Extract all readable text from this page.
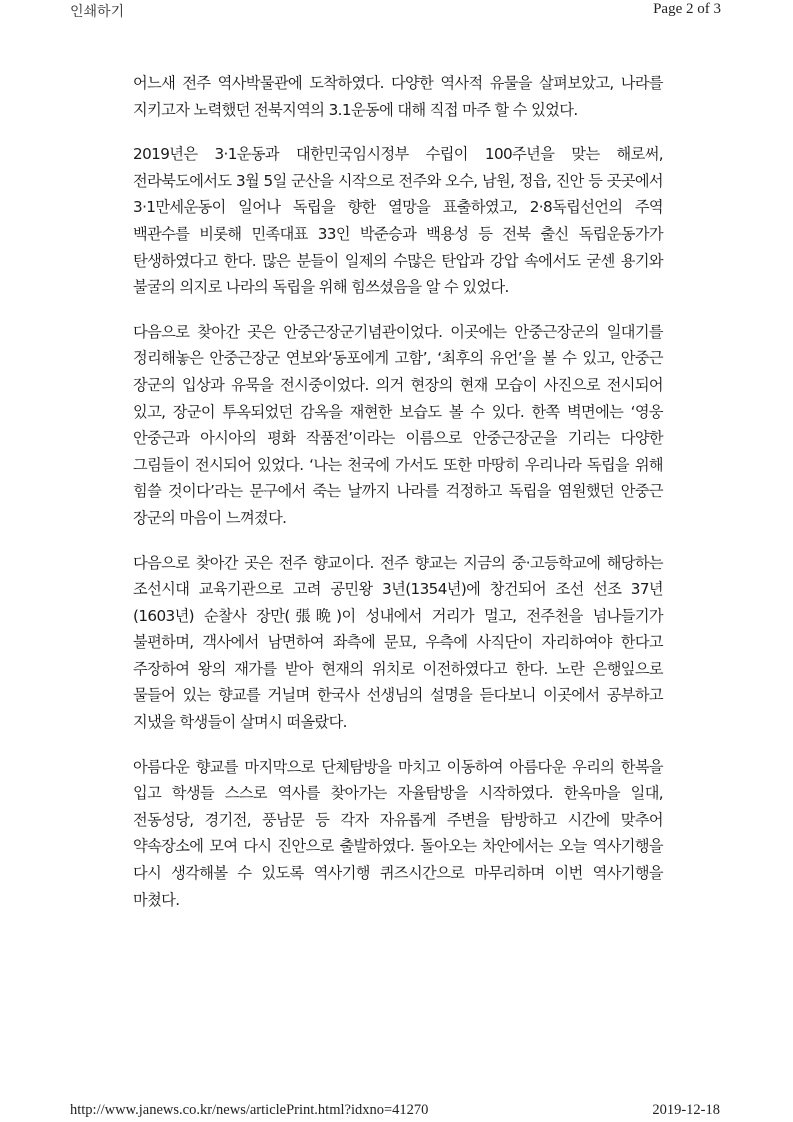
인쇄하기	Page 2 of 3

어느새 전주 역사박물관에 도착하였다. 다양한 역사적 유물을 살펴보았고, 나라를 지키고자 노력했던 전북지역의 3.1운동에 대해 직접 마주 할 수 있었다.

2019년은 3·1운동과 대한민국임시정부 수립이 100주년을 맞는 해로써, 전라북도에서도 3월 5일 군산을 시작으로 전주와 오수, 남원, 정읍, 진안 등 곳곳에서 3·1만세운동이 일어나 독립을 향한 열망을 표출하였고, 2·8독립선언의 주역 백관수를 비롯해 민족대표 33인 박준승과 백용성 등 전북 출신 독립운동가가 탄생하였다고 한다. 많은 분들이 일제의 수많은 탄압과 강압 속에서도 굳센 용기와 불굴의 의지로 나라의 독립을 위해 힘쓰셨음을 알 수 있었다.

다음으로 찾아간 곳은 안중근장군기념관이었다. 이곳에는 안중근장군의 일대기를 정리해놓은 안중근장군 연보와‘동포에게 고함’, ‘최후의 유언’을 볼 수 있고, 안중근 장군의 입상과 유묵을 전시중이었다. 의거 현장의 현재 모습이 사진으로 전시되어 있고, 장군이 투옥되었던 감옥을 재현한 보습도 볼 수 있다. 한쪽 벽면에는 ‘영웅 안중근과 아시아의 평화 작품전’이라는 이름으로 안중근장군을 기리는 다양한 그림들이 전시되어 있었다. ‘나는 천국에 가서도 또한 마땅히 우리나라 독립을 위해 힘쓸 것이다’라는 문구에서 죽는 날까지 나라를 걱정하고 독립을 염원했던 안중근 장군의 마음이 느껴졌다.

다음으로 찾아간 곳은 전주 향교이다. 전주 향교는 지금의 중·고등학교에 해당하는 조선시대 교육기관으로 고려 공민왕 3년(1354년)에 창건되어 조선 선조 37년(1603년) 순찰사 장만(張晩)이 성내에서 거리가 멀고, 전주천을 넘나들기가 불편하며, 객사에서 남면하여 좌측에 문묘, 우측에 사직단이 자리하여야 한다고 주장하여 왕의 재가를 받아 현재의 위치로 이전하였다고 한다. 노란 은행잎으로 물들어 있는 향교를 거닐며 한국사 선생님의 설명을 듣다보니 이곳에서 공부하고 지냈을 학생들이 살며시 떠올랐다.

아름다운 향교를 마지막으로 단체탐방을 마치고 이동하여 아름다운 우리의 한복을 입고 학생들 스스로 역사를 찾아가는 자율탐방을 시작하였다. 한옥마을 일대, 전동성당, 경기전, 풍남문 등 각자 자유롭게 주변을 탐방하고 시간에 맞추어 약속장소에 모여 다시 진안으로 출발하였다. 돌아오는 차안에서는 오늘 역사기행을 다시 생각해볼 수 있도록 역사기행 퀴즈시간으로 마무리하며 이번 역사기행을 마쳤다.

http://www.janews.co.kr/news/articlePrint.html?idxno=41270	2019-12-18
